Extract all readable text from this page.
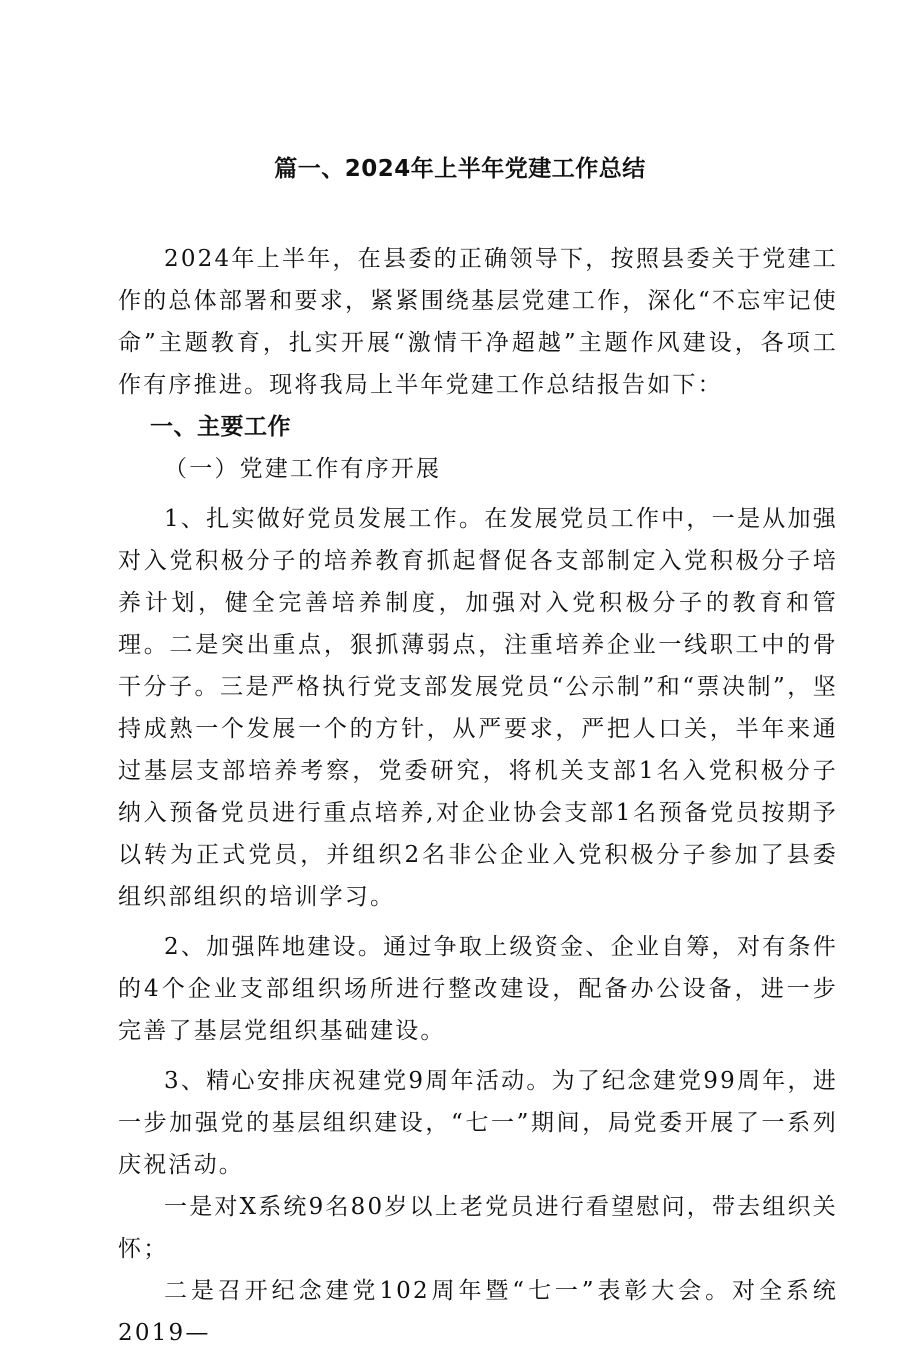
篇一、2024年上半年党建工作总结

2024年上半年，在县委的正确领导下，按照县委关于党建工作的总体部署和要求，紧紧围绕基层党建工作，深化“不忘牢记使命”主题教育，扎实开展“激情干净超越”主题作风建设，各项工作有序推进。现将我局上半年党建工作总结报告如下：

一、主要工作

（一）党建工作有序开展

1、扎实做好党员发展工作。在发展党员工作中，一是从加强对入党积极分子的培养教育抓起督促各支部制定入党积极分子培养计划，健全完善培养制度，加强对入党积极分子的教育和管理。二是突出重点，狠抓薄弱点，注重培养企业一线职工中的骨干分子。三是严格执行党支部发展党员“公示制”和“票决制”，坚持成熟一个发展一个的方针，从严要求，严把人口关，半年来通过基层支部培养考察，党委研究，将机关支部1名入党积极分子纳入预备党员进行重点培养,对企业协会支部1名预备党员按期予以转为正式党员，并组织2名非公企业入党积极分子参加了县委组织部组织的培训学习。

2、加强阵地建设。通过争取上级资金、企业自筹，对有条件的4个企业支部组织场所进行整改建设，配备办公设备，进一步完善了基层党组织基础建设。

3、精心安排庆祝建党9周年活动。为了纪念建党99周年，进一步加强党的基层组织建设，“七一”期间，局党委开展了一系列庆祝活动。

一是对X系统9名80岁以上老党员进行看望慰问，带去组织关怀；

二是召开纪念建党102周年暨“七一”表彰大会。对全系统2019—
